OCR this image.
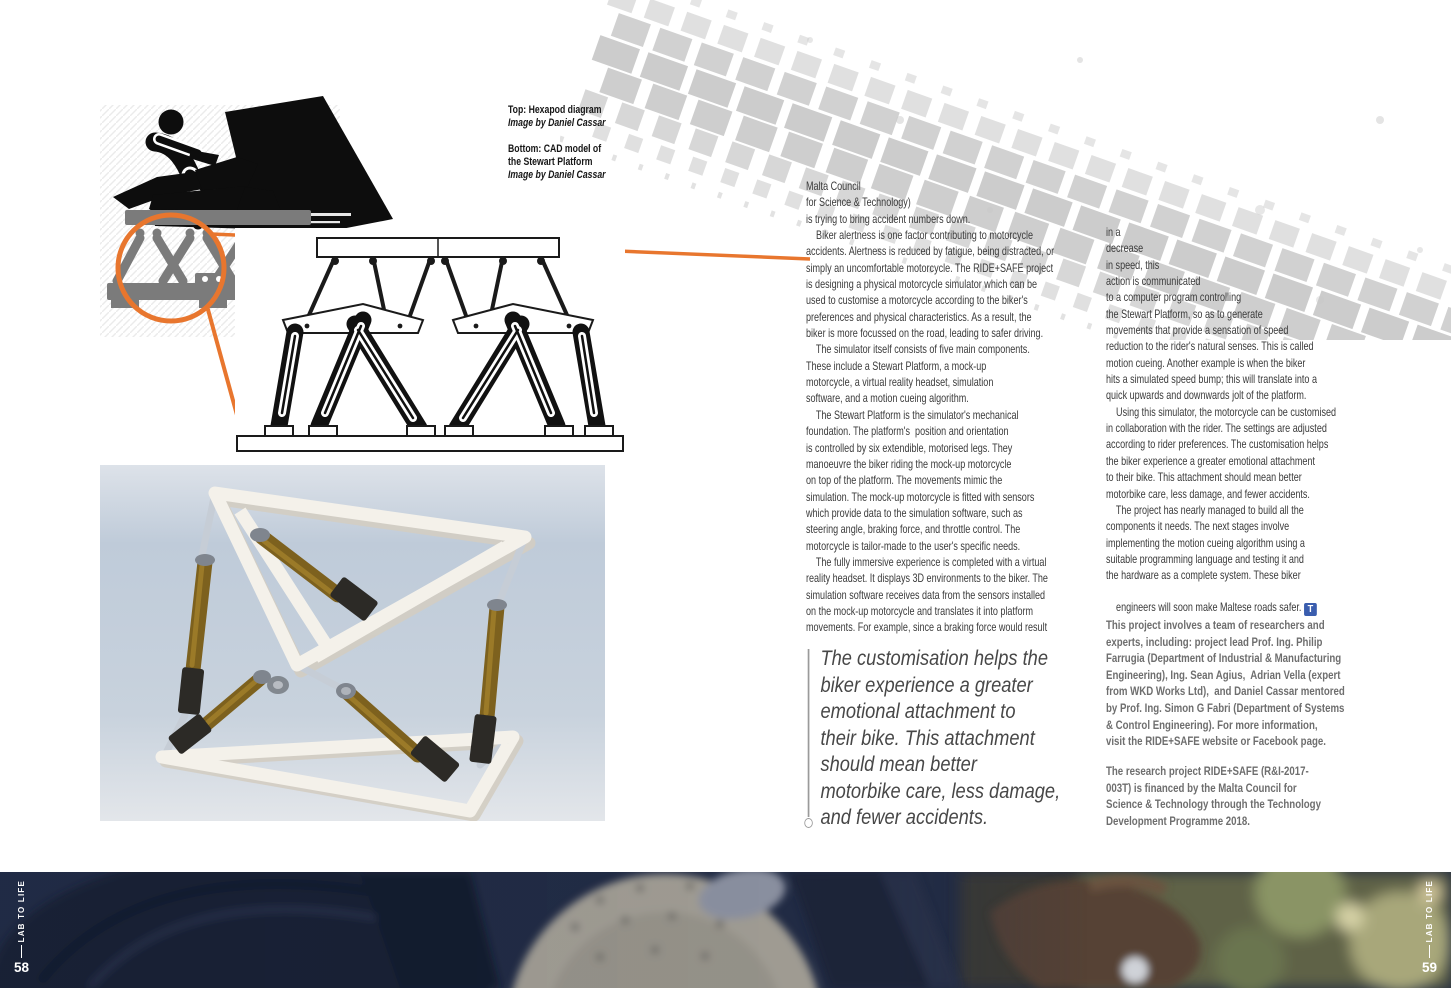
Top: Hexapod diagram
Image by Daniel Cassar
Bottom: CAD model of the Stewart Platform
Image by Daniel Cassar
Malta Council
for Science & Technology)
is trying to bring accident numbers down.
Biker alertness is one factor contributing to motorcycle
accidents. Alertness is reduced by fatigue, being distracted, or
simply an uncomfortable motorcycle. The RIDE+SAFE project
is designing a physical motorcycle simulator which can be
used to customise a motorcycle according to the biker's
preferences and physical characteristics. As a result, the
biker is more focussed on the road, leading to safer driving.
The simulator itself consists of five main components.
These include a Stewart Platform, a mock-up
motorcycle, a virtual reality headset, simulation
software, and a motion cueing algorithm.
The Stewart Platform is the simulator's mechanical
foundation. The platform's  position and orientation
is controlled by six extendible, motorised legs. They
manoeuvre the biker riding the mock-up motorcycle
on top of the platform. The movements mimic the
simulation. The mock-up motorcycle is fitted with sensors
which provide data to the simulation software, such as
steering angle, braking force, and throttle control. The
motorcycle is tailor-made to the user's specific needs.
The fully immersive experience is completed with a virtual
reality headset. It displays 3D environments to the biker. The
simulation software receives data from the sensors installed
on the mock-up motorcycle and translates it into platform
movements. For example, since a braking force would result
in a
decrease
in speed, this
action is communicated
to a computer program controlling
the Stewart Platform, so as to generate
movements that provide a sensation of speed
reduction to the rider's natural senses. This is called
motion cueing. Another example is when the biker
hits a simulated speed bump; this will translate into a
quick upwards and downwards jolt of the platform.
Using this simulator, the motorcycle can be customised
in collaboration with the rider. The settings are adjusted
according to rider preferences. The customisation helps
the biker experience a greater emotional attachment
to their bike. This attachment should mean better
motorbike care, less damage, and fewer accidents.
The project has nearly managed to build all the
components it needs. The next stages involve
implementing the motion cueing algorithm using a
suitable programming language and testing it and
the hardware as a complete system. These biker

engineers will soon make Maltese roads safer. T

The customisation helps the
biker experience a greater
emotional attachment to
their bike. This attachment
should mean better
motorbike care, less damage,
and fewer accidents.
This project involves a team of researchers and
experts, including: project lead Prof. Ing. Philip
Farrugia (Department of Industrial & Manufacturing
Engineering), Ing. Sean Agius,  Adrian Vella (expert
from WKD Works Ltd),  and Daniel Cassar mentored
by Prof. Ing. Simon G Fabri (Department of Systems
& Control Engineering). For more information,
visit the RIDE+SAFE website or Facebook page.
The research project RIDE+SAFE (R&I-2017-
003T) is financed by the Malta Council for
Science & Technology through the Technology
Development Programme 2018.
LAB TO LIFE
58
LAB TO LIFE
59
